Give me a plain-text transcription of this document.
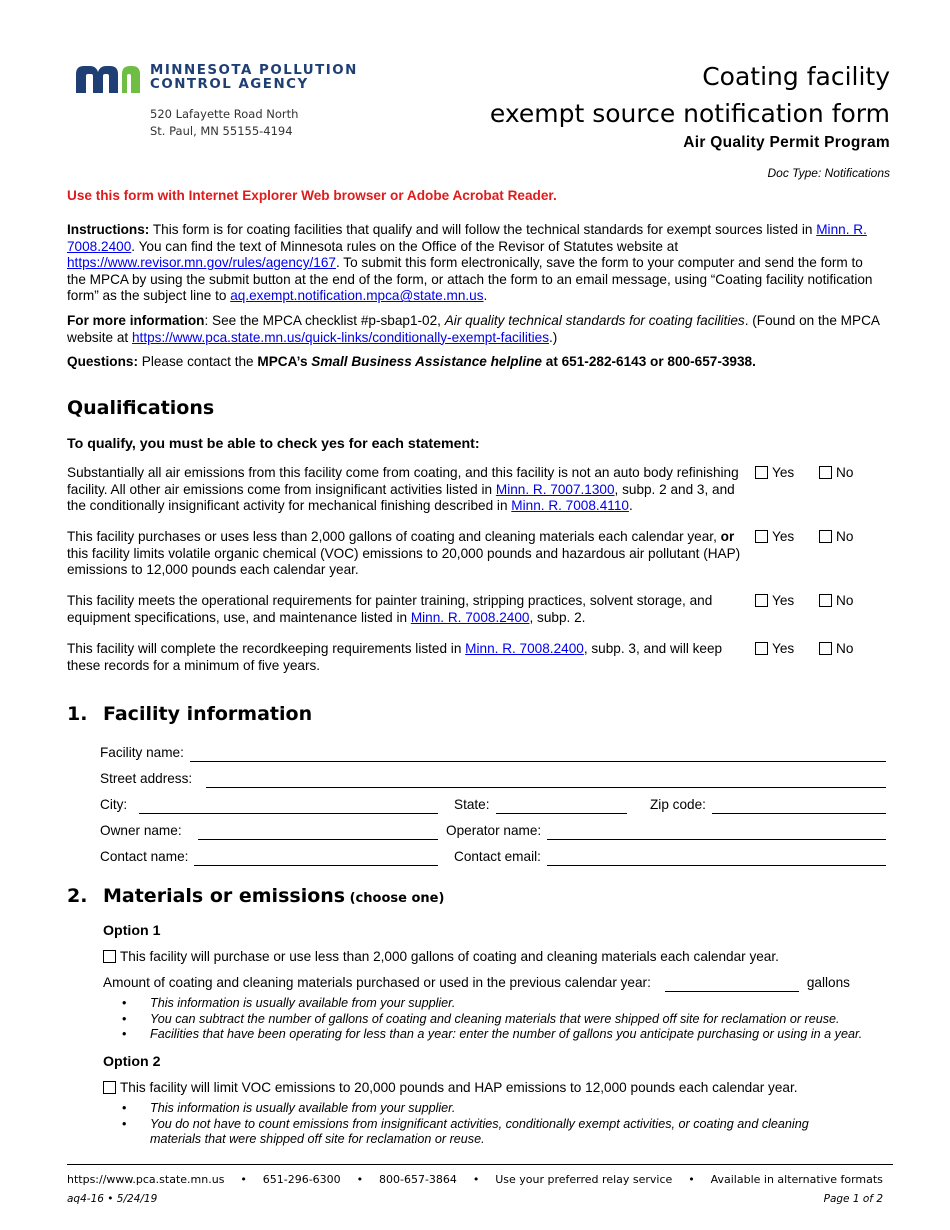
MINNESOTA POLLUTION
CONTROL AGENCY
520 Lafayette Road North
St. Paul, MN 55155-4194
Coating facility
exempt source notification form
Air Quality Permit Program
Doc Type: Notifications
Use this form with Internet Explorer Web browser or Adobe Acrobat Reader.
Instructions: This form is for coating facilities that qualify and will follow the technical standards for exempt sources listed in Minn. R. 7008.2400. You can find the text of Minnesota rules on the Office of the Revisor of Statutes website at https://www.revisor.mn.gov/rules/agency/167. To submit this form electronically, save the form to your computer and send the form to the MPCA by using the submit button at the end of the form, or attach the form to an email message, using “Coating facility notification form” as the subject line to aq.exempt.notification.mpca@state.mn.us.
For more information: See the MPCA checklist #p-sbap1-02, Air quality technical standards for coating facilities. (Found on the MPCA website at https://www.pca.state.mn.us/quick-links/conditionally-exempt-facilities.)
Questions: Please contact the MPCA’s Small Business Assistance helpline at 651-282-6143 or 800-657-3938.
Qualifications
To qualify, you must be able to check yes for each statement:
Substantially all air emissions from this facility come from coating, and this facility is not an auto body refinishing facility. All other air emissions come from insignificant activities listed in Minn. R. 7007.1300, subp. 2 and 3, and the conditionally insignificant activity for mechanical finishing described in Minn. R. 7008.4110.
Yes	No
This facility purchases or uses less than 2,000 gallons of coating and cleaning materials each calendar year, or this facility limits volatile organic chemical (VOC) emissions to 20,000 pounds and hazardous air pollutant (HAP) emissions to 12,000 pounds each calendar year.
Yes	No
This facility meets the operational requirements for painter training, stripping practices, solvent storage, and equipment specifications, use, and maintenance listed in Minn. R. 7008.2400, subp. 2.
Yes	No
This facility will complete the recordkeeping requirements listed in Minn. R. 7008.2400, subp. 3, and will keep these records for a minimum of five years.
Yes	No
1. Facility information
Facility name:
Street address:
City:	State:	Zip code:
Owner name:	Operator name:
Contact name:	Contact email:
2. Materials or emissions (choose one)
Option 1
This facility will purchase or use less than 2,000 gallons of coating and cleaning materials each calendar year.
Amount of coating and cleaning materials purchased or used in the previous calendar year:	gallons
• This information is usually available from your supplier.
• You can subtract the number of gallons of coating and cleaning materials that were shipped off site for reclamation or reuse.
• Facilities that have been operating for less than a year: enter the number of gallons you anticipate purchasing or using in a year.
Option 2
This facility will limit VOC emissions to 20,000 pounds and HAP emissions to 12,000 pounds each calendar year.
• This information is usually available from your supplier.
• You do not have to count emissions from insignificant activities, conditionally exempt activities, or coating and cleaning materials that were shipped off site for reclamation or reuse.
https://www.pca.state.mn.us • 651-296-6300 • 800-657-3864 • Use your preferred relay service • Available in alternative formats
aq4-16 • 5/24/19	Page 1 of 2
